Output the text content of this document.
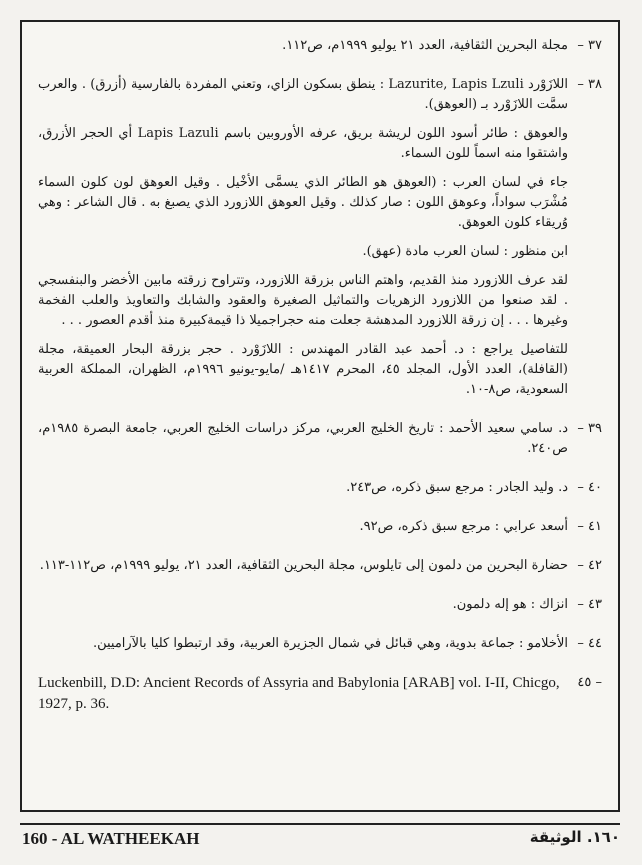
٣٧ –
مجلة البحرين الثقافية، العدد ٢١ يوليو ١٩٩٩م، ص١١٢.
٣٨ –
اللازَوْرد Lazurite, Lapis Lzuli : ينطق بسكون الزاي، وتعني المفردة بالفارسية (أزرق) . والعرب سمَّت اللازَوْرد بـ (العوهق).
والعوهق : طائر أسود اللون لريشة بريق، عرفه الأوروبين باسم Lapis Lazuli أي الحجر الأزرق، واشتقوا منه اسماً للون السماء.
جاء في لسان العرب : (العوهق هو الطائر الذي يسمَّى الأخْيل . وقيل العوهق لون كلون السماء مُشْرَب سواداً، وعوهق اللون : صار كذلك . وقيل العوهق اللازورد الذي يصبغ به . قال الشاعر : وهي وُريقاء كلون العوهق.
ابن منظور : لسان العرب مادة (عهق).
لقد عرف اللازورد منذ القديم، واهتم الناس بزرقة اللازورد، وتتراوح زرقته مابين الأخضر والبنفسجي . لقد صنعوا من اللازورد الزهريات والتماثيل الصغيرة والعقود والشابك والتعاويذ والعلب الفخمة وغيرها . . . إن زرقة اللازورد المدهشة جعلت منه حجراجميلا ذا قيمةكبيرة منذ أقدم العصور . . .
للتفاصيل يراجع : د. أحمد عبد القادر المهندس : اللازَوْرد . حجر بزرقة البحار العميقة، مجلة (القافلة)، العدد الأول، المجلد ٤٥، المحرم ١٤١٧هـ /مايو-يونيو ١٩٩٦م، الظهران، المملكة العربية السعودية، ص٨-١٠.
٣٩ –
د. سامي سعيد الأحمد : تاريخ الخليج العربي، مركز دراسات الخليج العربي، جامعة البصرة ١٩٨٥م، ص٢٤٠.
٤٠ –
د. وليد الجادر : مرجع سبق ذكره، ص٢٤٣.
٤١ –
أسعد عرابي : مرجع سبق ذكره، ص٩٢.
٤٢ –
حضارة البحرين من دلمون إلى تايلوس، مجلة البحرين الثقافية، العدد ٢١، يوليو ١٩٩٩م، ص١١٢-١١٣.
٤٣ –
انزاك : هو إله دلمون.
٤٤ –
الأخلامو : جماعة بدوية، وهي قبائل في شمال الجزيرة العربية، وقد ارتبطوا كليا بالآراميين.
– ٤٥
Luckenbill, D.D: Ancient Records of Assyria and Babylonia [ARAB] vol. I-II, Chicgo, 1927, p. 36.
160 - AL WATHEEKAH	١٦٠. الوثيقة
